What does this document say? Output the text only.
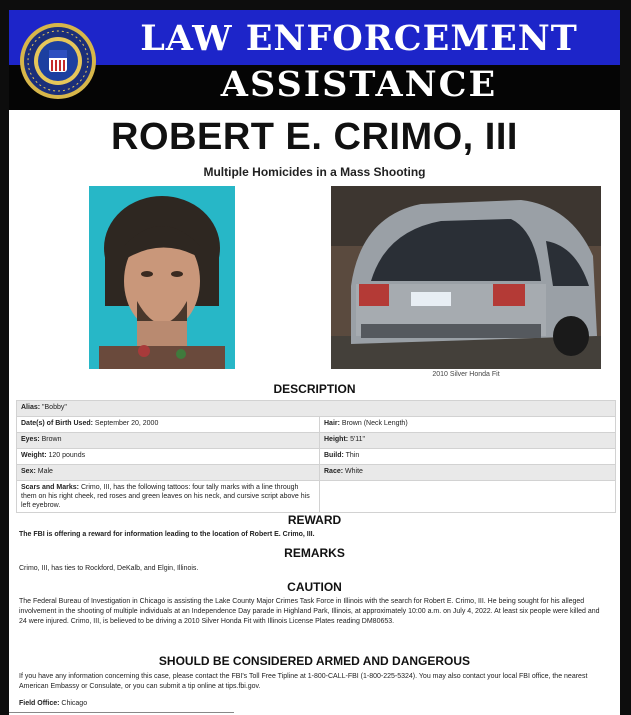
LAW ENFORCEMENT
ASSISTANCE
ROBERT E. CRIMO, III
Multiple Homicides in a Mass Shooting
2010 Silver Honda Fit
DESCRIPTION
Alias: "Bobby"	
Date(s) of Birth Used: September 20, 2000	Hair: Brown (Neck Length)
Eyes: Brown	Height: 5'11"
Weight: 120 pounds	Build: Thin
Sex: Male	Race: White
Scars and Marks: Crimo, III, has the following tattoos: four tally marks with a line through them on his right cheek, red roses and green leaves on his neck, and cursive script above his left eyebrow.	
REWARD
The FBI is offering a reward for information leading to the location of Robert E. Crimo, III.
REMARKS
Crimo, III, has ties to Rockford, DeKalb, and Elgin, Illinois.
CAUTION
The Federal Bureau of Investigation in Chicago is assisting the Lake County Major Crimes Task Force in Illinois with the search for Robert E. Crimo, III. He being sought for his alleged involvement in the shooting of multiple individuals at an Independence Day parade in Highland Park, Illinois, at approximately 10:00 a.m. on July 4, 2022. At least six people were killed and 24 were injured. Crimo, III, is believed to be driving a 2010 Silver Honda Fit with Illinois License Plates reading DM80653.
SHOULD BE CONSIDERED ARMED AND DANGEROUS
If you have any information concerning this case, please contact the FBI's Toll Free Tipline at 1-800-CALL-FBI (1-800-225-5324). You may also contact your local FBI office, the nearest American Embassy or Consulate, or you can submit a tip online at tips.fbi.gov.
Field Office: Chicago
